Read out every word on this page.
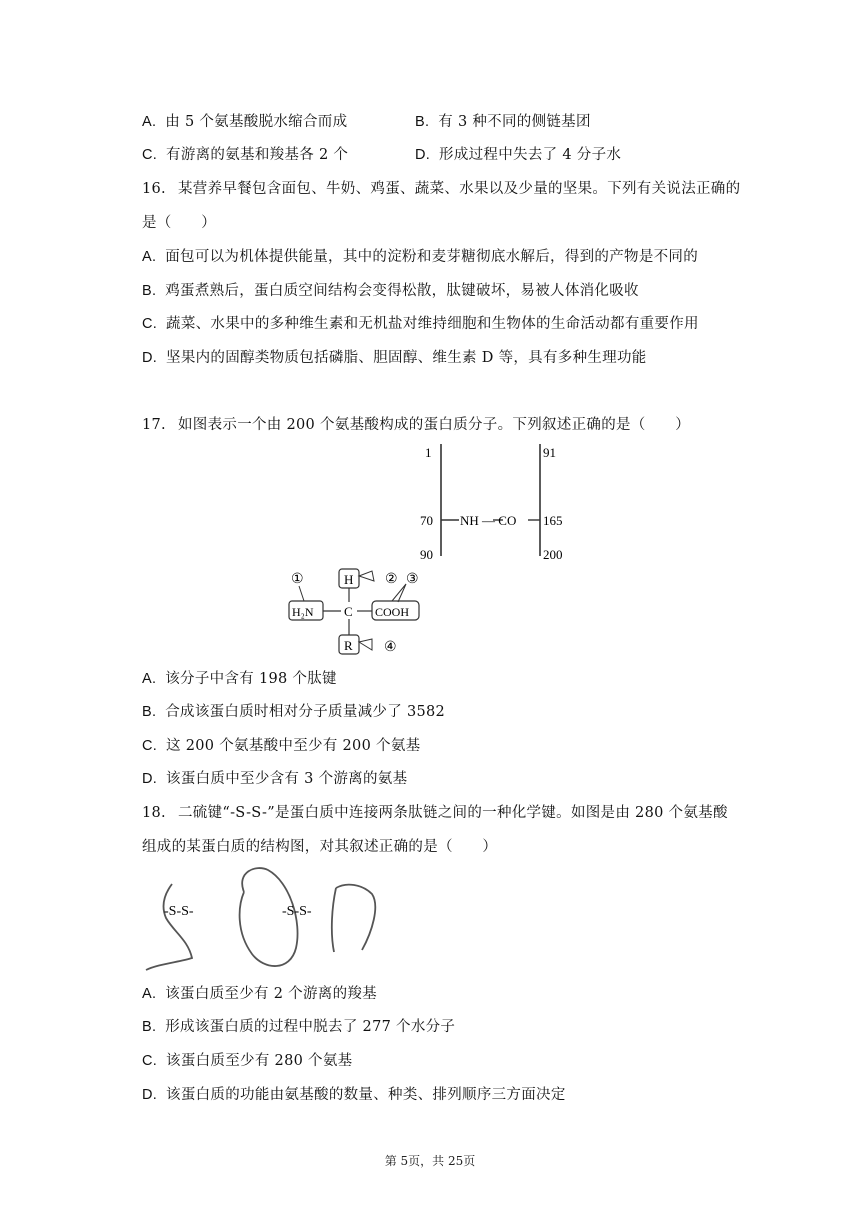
A. 由 5 个氨基酸脱水缩合而成	B. 有 3 种不同的侧链基团
C. 有游离的氨基和羧基各 2 个	D. 形成过程中失去了 4 分子水
16. 某营养早餐包含面包、牛奶、鸡蛋、蔬菜、水果以及少量的坚果。下列有关说法正确的
是（　　）
A. 面包可以为机体提供能量，其中的淀粉和麦芽糖彻底水解后，得到的产物是不同的
B. 鸡蛋煮熟后，蛋白质空间结构会变得松散，肽键破坏，易被人体消化吸收
C. 蔬菜、水果中的多种维生素和无机盐对维持细胞和生物体的生命活动都有重要作用
D. 坚果内的固醇类物质包括磷脂、胆固醇、维生素 D 等，具有多种生理功能
17. 如图表示一个由 200 个氨基酸构成的蛋白质分子。下列叙述正确的是（　　）
1
70
90
91
165
200
NH — CO
H
H₂N	COOH
R
C
①	② ③
④
A. 该分子中含有 198 个肽键
B. 合成该蛋白质时相对分子质量减少了 3582
C. 这 200 个氨基酸中至少有 200 个氨基
D. 该蛋白质中至少含有 3 个游离的氨基
18. 二硫键“-S-S-”是蛋白质中连接两条肽链之间的一种化学键。如图是由 280 个氨基酸
组成的某蛋白质的结构图，对其叙述正确的是（　　）
-S-S-	-S-S-
A. 该蛋白质至少有 2 个游离的羧基
B. 形成该蛋白质的过程中脱去了 277 个水分子
C. 该蛋白质至少有 280 个氨基
D. 该蛋白质的功能由氨基酸的数量、种类、排列顺序三方面决定
第 5页，共 25页
